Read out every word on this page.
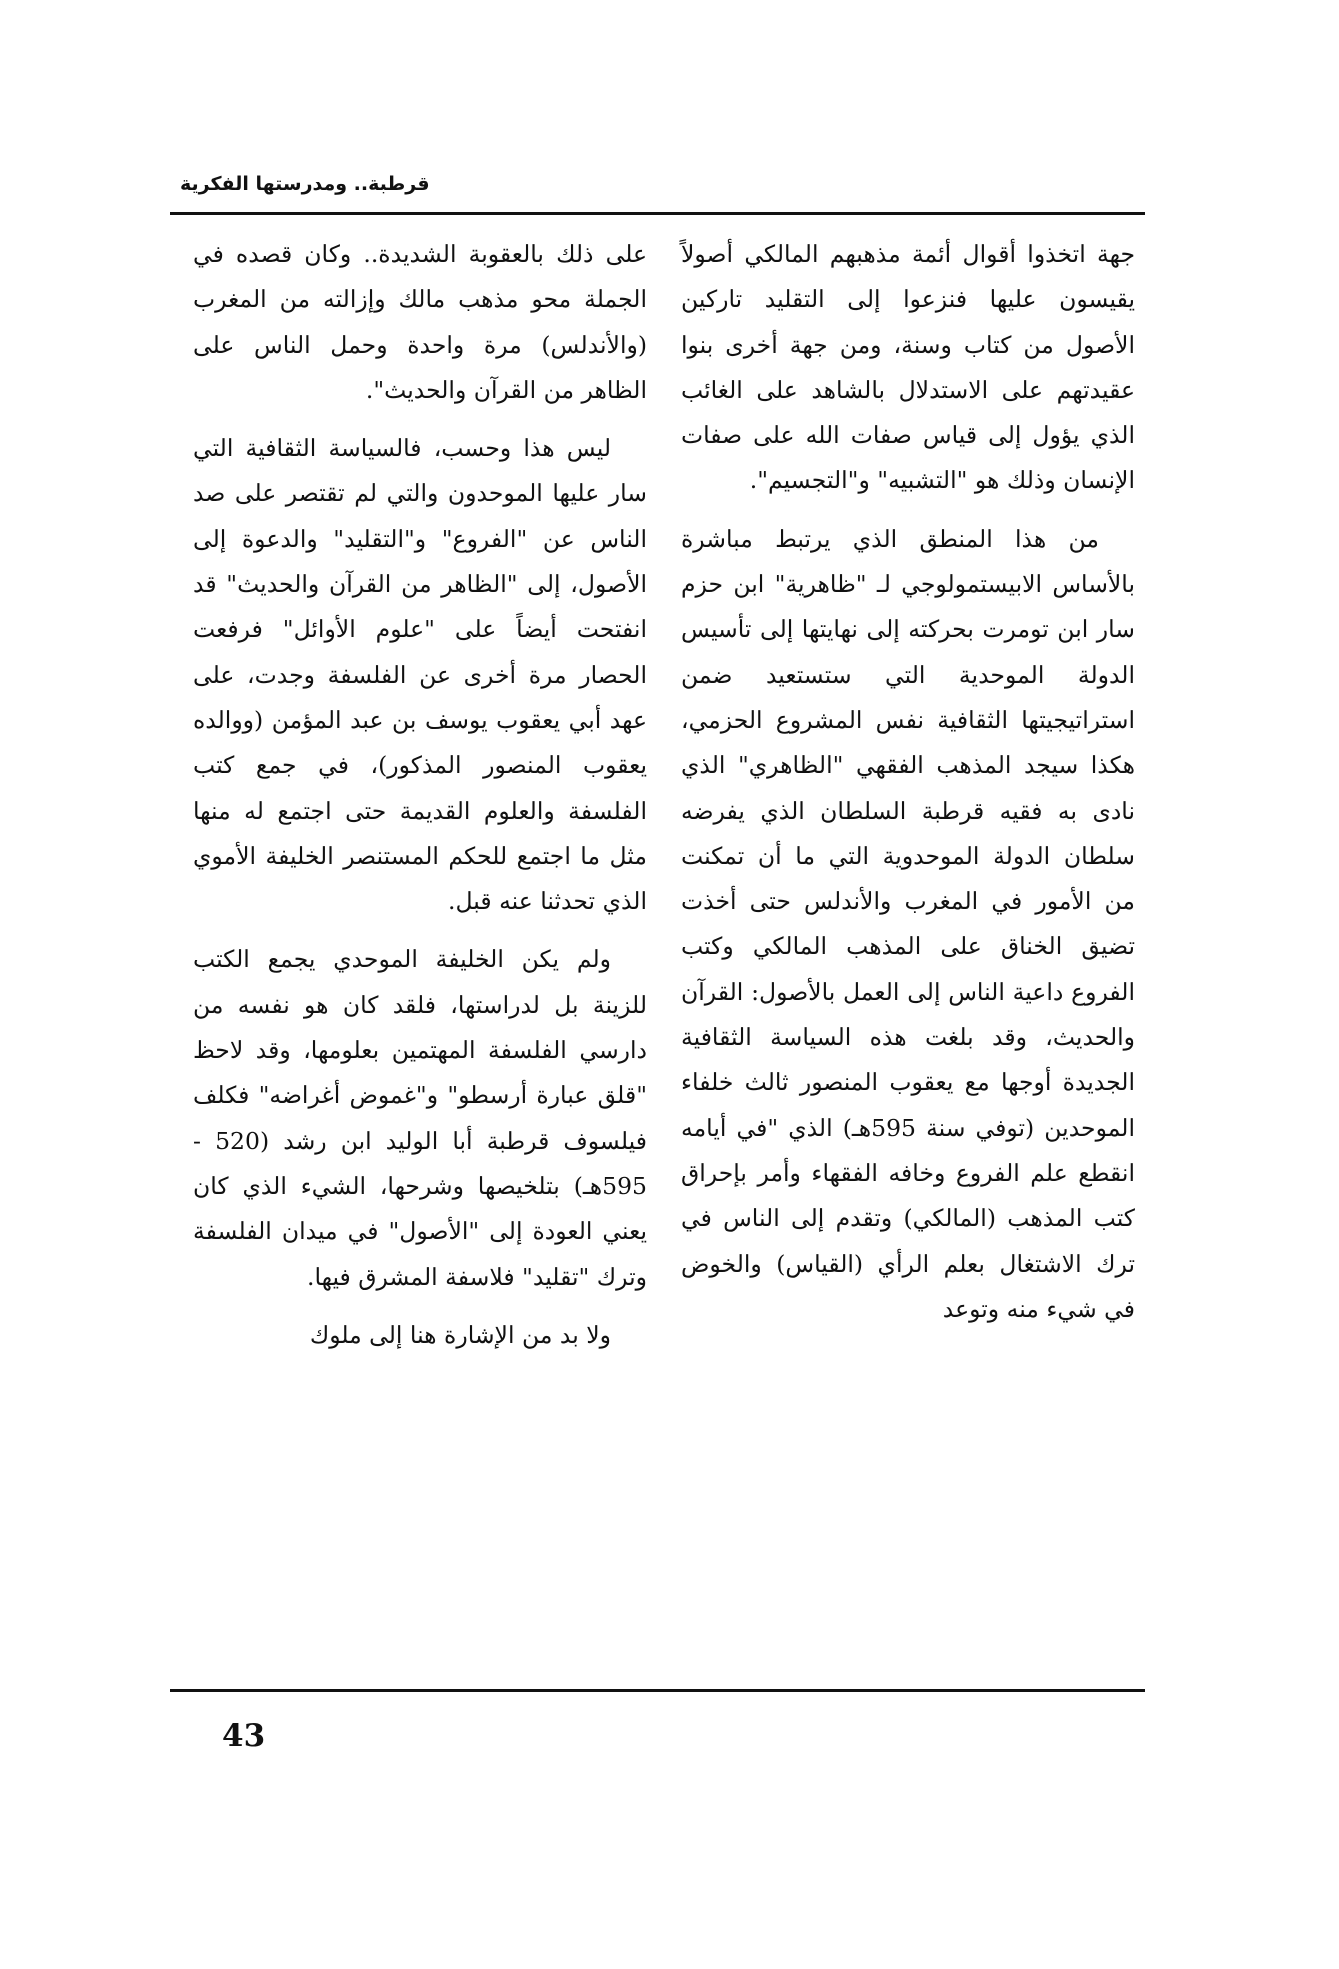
قرطبة.. ومدرستها الفكرية

جهة اتخذوا أقوال أئمة مذهبهم المالكي أصولاً يقيسون عليها فنزعوا إلى التقليد تاركين الأصول من كتاب وسنة، ومن جهة أخرى بنوا عقيدتهم على الاستدلال بالشاهد على الغائب الذي يؤول إلى قياس صفات الله على صفات الإنسان وذلك هو "التشبيه" و"التجسيم".

من هذا المنطق الذي يرتبط مباشرة بالأساس الابيستمولوجي لـ "ظاهرية" ابن حزم سار ابن تومرت بحركته إلى نهايتها إلى تأسيس الدولة الموحدية التي ستستعيد ضمن استراتيجيتها الثقافية نفس المشروع الحزمي، هكذا سيجد المذهب الفقهي "الظاهري" الذي نادى به فقيه قرطبة السلطان الذي يفرضه سلطان الدولة الموحدوية التي ما أن تمكنت من الأمور في المغرب والأندلس حتى أخذت تضيق الخناق على المذهب المالكي وكتب الفروع داعية الناس إلى العمل بالأصول: القرآن والحديث، وقد بلغت هذه السياسة الثقافية الجديدة أوجها مع يعقوب المنصور ثالث خلفاء الموحدين (توفي سنة 595هـ) الذي "في أيامه انقطع علم الفروع وخافه الفقهاء وأمر بإحراق كتب المذهب (المالكي) وتقدم إلى الناس في ترك الاشتغال بعلم الرأي (القياس) والخوض في شيء منه وتوعد

على ذلك بالعقوبة الشديدة.. وكان قصده في الجملة محو مذهب مالك وإزالته من المغرب (والأندلس) مرة واحدة وحمل الناس على الظاهر من القرآن والحديث".

ليس هذا وحسب، فالسياسة الثقافية التي سار عليها الموحدون والتي لم تقتصر على صد الناس عن "الفروع" و"التقليد" والدعوة إلى الأصول، إلى "الظاهر من القرآن والحديث" قد انفتحت أيضاً على "علوم الأوائل" فرفعت الحصار مرة أخرى عن الفلسفة وجدت، على عهد أبي يعقوب يوسف بن عبد المؤمن (ووالده يعقوب المنصور المذكور)، في جمع كتب الفلسفة والعلوم القديمة حتى اجتمع له منها مثل ما اجتمع للحكم المستنصر الخليفة الأموي الذي تحدثنا عنه قبل.

ولم يكن الخليفة الموحدي يجمع الكتب للزينة بل لدراستها، فلقد كان هو نفسه من دارسي الفلسفة المهتمين بعلومها، وقد لاحظ "قلق عبارة أرسطو" و"غموض أغراضه" فكلف فيلسوف قرطبة أبا الوليد ابن رشد (520 - 595هـ) بتلخيصها وشرحها، الشيء الذي كان يعني العودة إلى "الأصول" في ميدان الفلسفة وترك "تقليد" فلاسفة المشرق فيها.

ولا بد من الإشارة هنا إلى ملوك

43
